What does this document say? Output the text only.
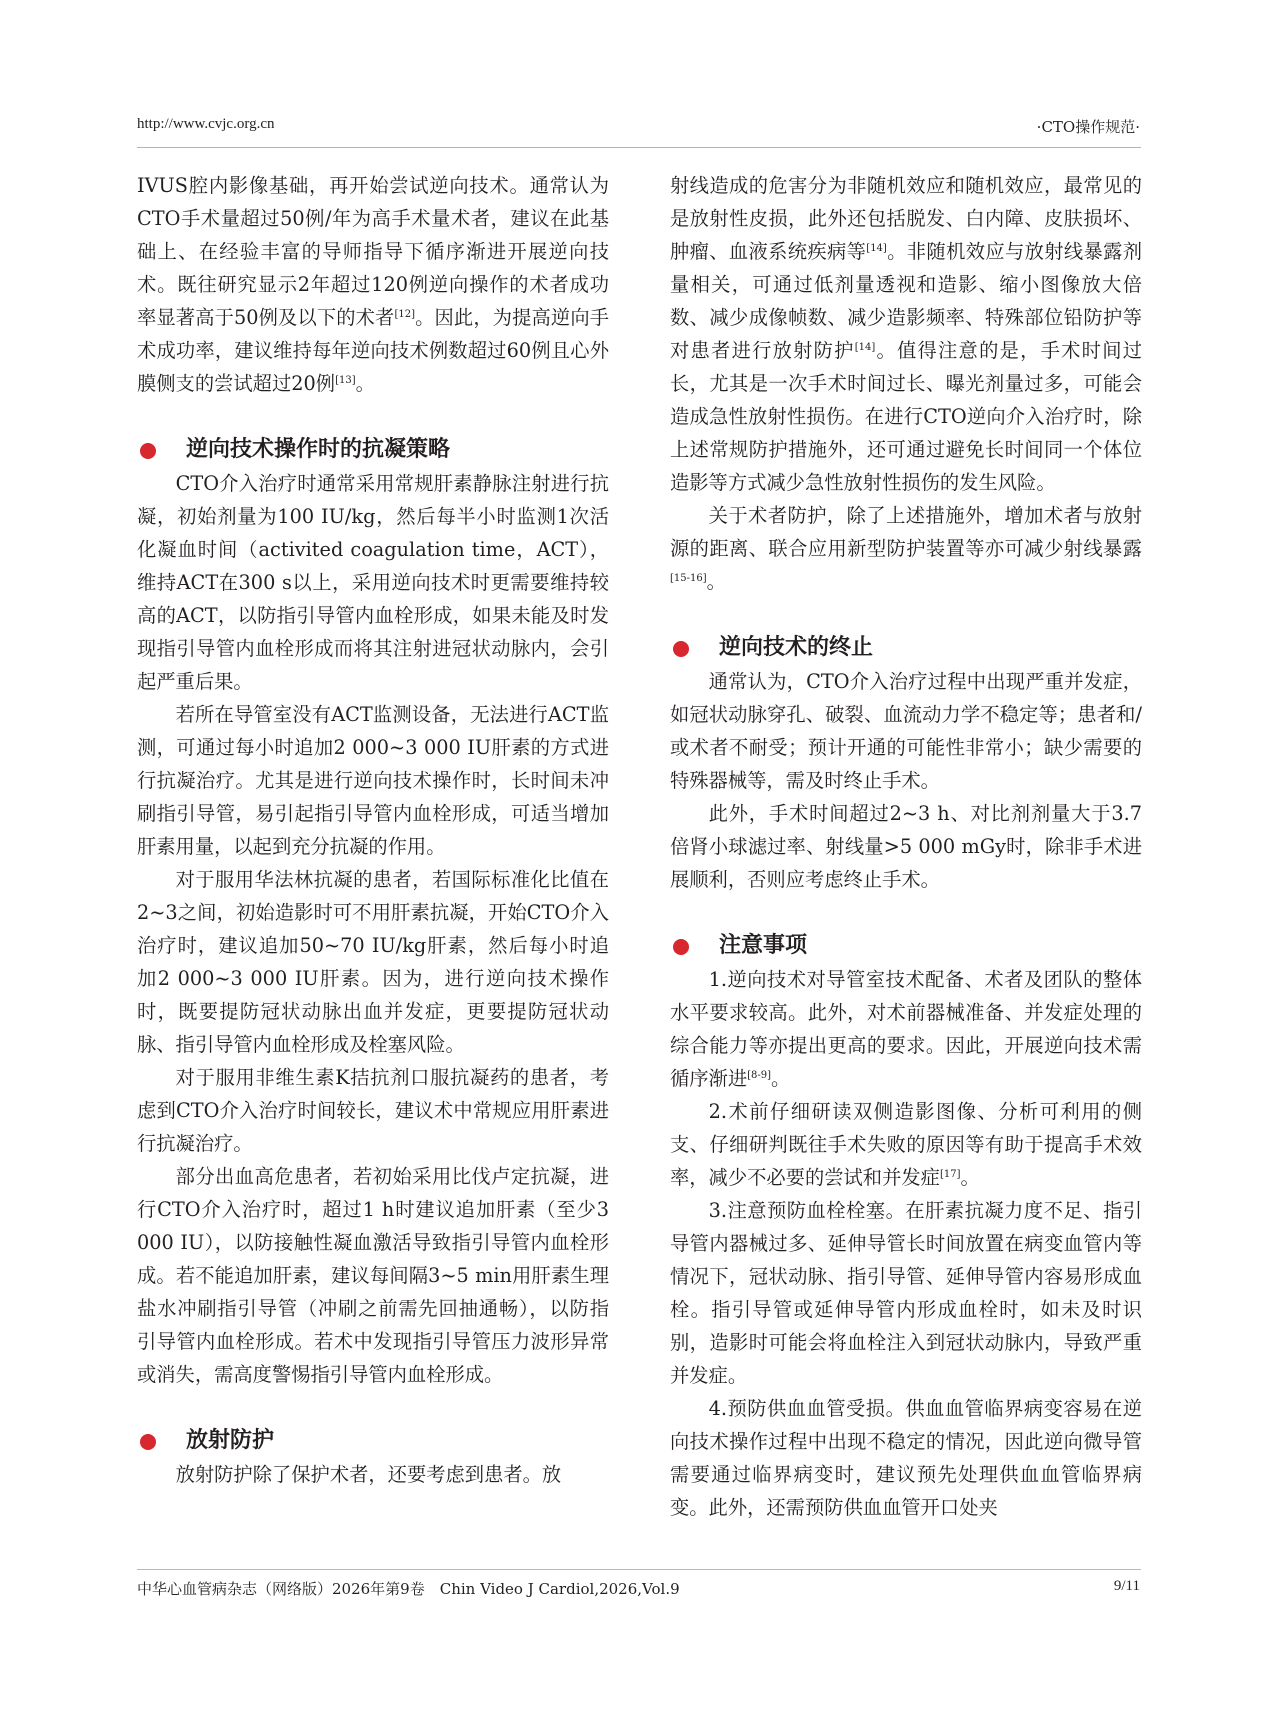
http://www.cvjc.org.cn	·CTO操作规范·

IVUS腔内影像基础，再开始尝试逆向技术。通常认为CTO手术量超过50例/年为高手术量术者，建议在此基础上、在经验丰富的导师指导下循序渐进开展逆向技术。既往研究显示2年超过120例逆向操作的术者成功率显著高于50例及以下的术者[12]。因此，为提高逆向手术成功率，建议维持每年逆向技术例数超过60例且心外膜侧支的尝试超过20例[13]。

逆向技术操作时的抗凝策略

CTO介入治疗时通常采用常规肝素静脉注射进行抗凝，初始剂量为100 IU/kg，然后每半小时监测1次活化凝血时间（activited coagulation time，ACT），维持ACT在300 s以上，采用逆向技术时更需要维持较高的ACT，以防指引导管内血栓形成，如果未能及时发现指引导管内血栓形成而将其注射进冠状动脉内，会引起严重后果。

若所在导管室没有ACT监测设备，无法进行ACT监测，可通过每小时追加2 000~3 000 IU肝素的方式进行抗凝治疗。尤其是进行逆向技术操作时，长时间未冲刷指引导管，易引起指引导管内血栓形成，可适当增加肝素用量，以起到充分抗凝的作用。

对于服用华法林抗凝的患者，若国际标准化比值在2~3之间，初始造影时可不用肝素抗凝，开始CTO介入治疗时，建议追加50~70 IU/kg肝素，然后每小时追加2 000~3 000 IU肝素。因为，进行逆向技术操作时，既要提防冠状动脉出血并发症，更要提防冠状动脉、指引导管内血栓形成及栓塞风险。

对于服用非维生素K拮抗剂口服抗凝药的患者，考虑到CTO介入治疗时间较长，建议术中常规应用肝素进行抗凝治疗。

部分出血高危患者，若初始采用比伐卢定抗凝，进行CTO介入治疗时，超过1 h时建议追加肝素（至少3 000 IU），以防接触性凝血激活导致指引导管内血栓形成。若不能追加肝素，建议每间隔3~5 min用肝素生理盐水冲刷指引导管（冲刷之前需先回抽通畅），以防指引导管内血栓形成。若术中发现指引导管压力波形异常或消失，需高度警惕指引导管内血栓形成。

放射防护

放射防护除了保护术者，还要考虑到患者。放

射线造成的危害分为非随机效应和随机效应，最常见的是放射性皮损，此外还包括脱发、白内障、皮肤损坏、肿瘤、血液系统疾病等[14]。非随机效应与放射线暴露剂量相关，可通过低剂量透视和造影、缩小图像放大倍数、减少成像帧数、减少造影频率、特殊部位铅防护等对患者进行放射防护[14]。值得注意的是，手术时间过长，尤其是一次手术时间过长、曝光剂量过多，可能会造成急性放射性损伤。在进行CTO逆向介入治疗时，除上述常规防护措施外，还可通过避免长时间同一个体位造影等方式减少急性放射性损伤的发生风险。

关于术者防护，除了上述措施外，增加术者与放射源的距离、联合应用新型防护装置等亦可减少射线暴露[15-16]。

逆向技术的终止

通常认为，CTO介入治疗过程中出现严重并发症，如冠状动脉穿孔、破裂、血流动力学不稳定等；患者和/或术者不耐受；预计开通的可能性非常小；缺少需要的特殊器械等，需及时终止手术。

此外，手术时间超过2~3 h、对比剂剂量大于3.7倍肾小球滤过率、射线量>5 000 mGy时，除非手术进展顺利，否则应考虑终止手术。

注意事项

1.逆向技术对导管室技术配备、术者及团队的整体水平要求较高。此外，对术前器械准备、并发症处理的综合能力等亦提出更高的要求。因此，开展逆向技术需循序渐进[8-9]。

2.术前仔细研读双侧造影图像、分析可利用的侧支、仔细研判既往手术失败的原因等有助于提高手术效率，减少不必要的尝试和并发症[17]。

3.注意预防血栓栓塞。在肝素抗凝力度不足、指引导管内器械过多、延伸导管长时间放置在病变血管内等情况下，冠状动脉、指引导管、延伸导管内容易形成血栓。指引导管或延伸导管内形成血栓时，如未及时识别，造影时可能会将血栓注入到冠状动脉内，导致严重并发症。

4.预防供血血管受损。供血血管临界病变容易在逆向技术操作过程中出现不稳定的情况，因此逆向微导管需要通过临界病变时，建议预先处理供血血管临界病变。此外，还需预防供血血管开口处夹

中华心血管病杂志（网络版）2026年第9卷　Chin Video J Cardiol,2026,Vol.9	9/11
